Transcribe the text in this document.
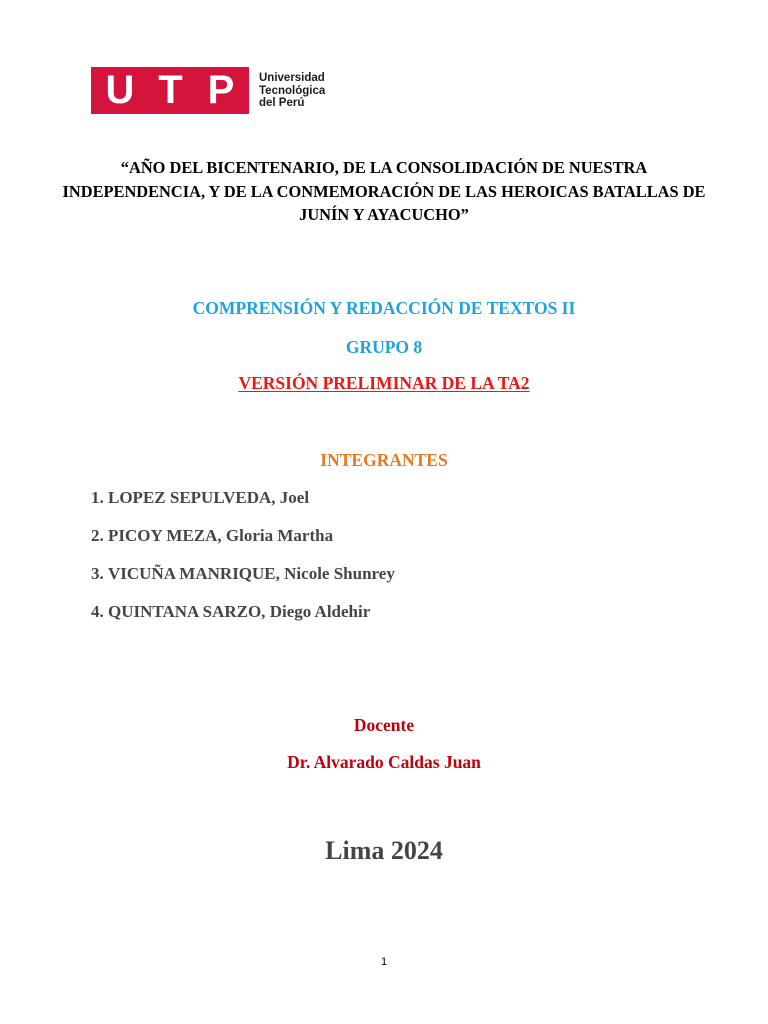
U T P	Universidad
Tecnológica
del Perú
“AÑO DEL BICENTENARIO, DE LA CONSOLIDACIÓN DE NUESTRA INDEPENDENCIA, Y DE LA CONMEMORACIÓN DE LAS HEROICAS BATALLAS DE JUNÍN Y AYACUCHO”
COMPRENSIÓN Y REDACCIÓN DE TEXTOS II
GRUPO 8
VERSIÓN PRELIMINAR DE LA TA2
INTEGRANTES
1. LOPEZ SEPULVEDA, Joel
2. PICOY MEZA, Gloria Martha
3. VICUÑA MANRIQUE, Nicole Shunrey
4. QUINTANA SARZO, Diego Aldehir
Docente
Dr. Alvarado Caldas Juan
Lima 2024
1
